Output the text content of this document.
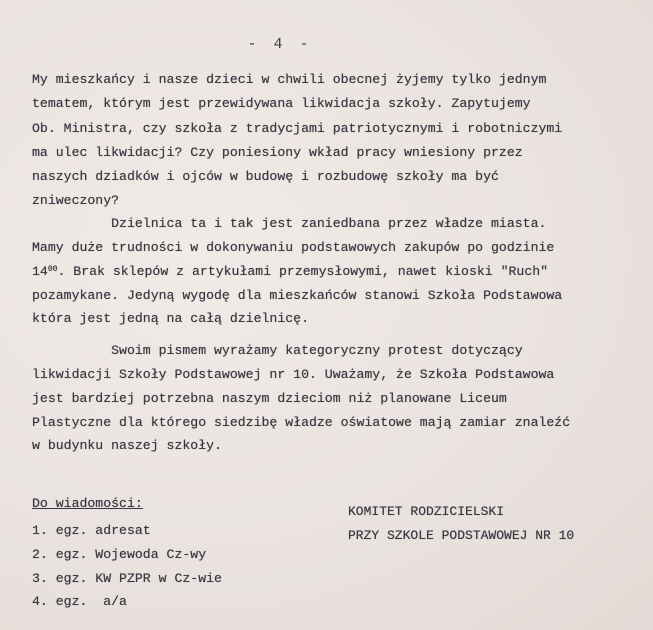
- 4 -
My mieszkańcy i nasze dzieci w chwili obecnej żyjemy tylko jednym
tematem, którym jest przewidywana likwidacja szkoły. Zapytujemy
Ob. Ministra, czy szkoła z tradycjami patriotycznymi i robotniczymi
ma ulec likwidacji? Czy poniesiony wkład pracy wniesiony przez
naszych dziadków i ojców w budowę i rozbudowę szkoły ma być
zniweczony?
Dzielnica ta i tak jest zaniedbana przez władze miasta.
Mamy duże trudności w dokonywaniu podstawowych zakupów po godzinie
$14^{00}$. Brak sklepów z artykułami przemysłowymi, nawet kioski "Ruch"
pozamykane. Jedyną wygodę dla mieszkańców stanowi Szkoła Podstawowa
która jest jedną na całą dzielnicę.
Swoim pismem wyrażamy kategoryczny protest dotyczący
likwidacji Szkoły Podstawowej nr 10. Uważamy, że Szkoła Podstawowa
jest bardziej potrzebna naszym dzieciom niż planowane Liceum
Plastyczne dla którego siedzibę władze oświatowe mają zamiar znaleźć
w budynku naszej szkoły.
Do wiadomości:
1. egz. adresat
2. egz. Wojewoda Cz-wy
3. egz. KW PZPR w Cz-wie
4. egz.  a/a
KOMITET RODZICIELSKI
PRZY SZKOLE PODSTAWOWEJ NR 10
